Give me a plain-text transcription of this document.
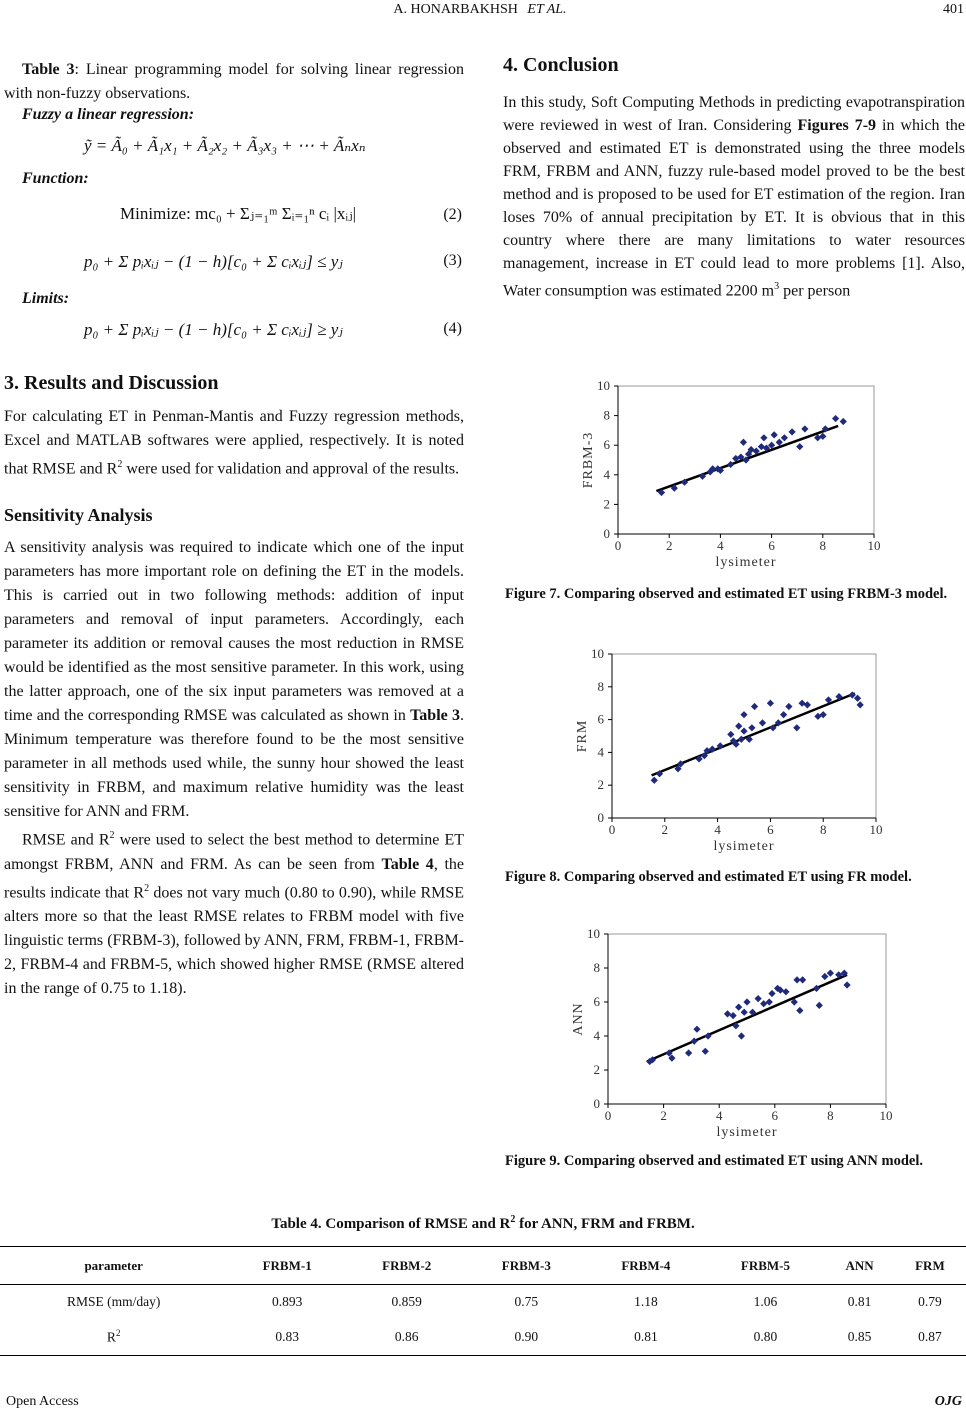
A. HONARBAKHSH ET AL.	401

Table 3: Linear programming model for solving linear regression with non-fuzzy observations.

Fuzzy a linear regression:
ỹ = Ã₀ + Ã₁x₁ + Ã₂x₂ + Ã₃x₃ + ⋯ + Ãₙxₙ
Function:
Minimize: mc₀ + Σⱼ₌₁ᵐ Σᵢ₌₁ⁿ cᵢ |xᵢⱼ|	(2)
p₀ + Σ pᵢxᵢⱼ − (1 − h)[c₀ + Σ cᵢxᵢⱼ] ≤ yⱼ	(3)
Limits:
p₀ + Σ pᵢxᵢⱼ − (1 − h)[c₀ + Σ cᵢxᵢⱼ] ≥ yⱼ	(4)
3. Results and Discussion

For calculating ET in Penman-Mantis and Fuzzy regression methods, Excel and MATLAB softwares were applied, respectively. It is noted that RMSE and $R^2$ were used for validation and approval of the results.

Sensitivity Analysis

A sensitivity analysis was required to indicate which one of the input parameters has more important role on defining the ET in the models. This is carried out in two following methods: addition of input parameters and removal of input parameters. Accordingly, each parameter its addition or removal causes the most reduction in RMSE would be identified as the most sensitive parameter. In this work, using the latter approach, one of the six input parameters was removed at a time and the corresponding RMSE was calculated as shown in Table 3. Minimum temperature was therefore found to be the most sensitive parameter in all methods used while, the sunny hour showed the least sensitivity in FRBM, and maximum relative humidity was the least sensitive for ANN and FRM.

RMSE and $R^2$ were used to select the best method to determine ET amongst FRBM, ANN and FRM. As can be seen from Table 4, the results indicate that $R^2$ does not vary much (0.80 to 0.90), while RMSE alters more so that the least RMSE relates to FRBM model with five linguistic terms (FRBM-3), followed by ANN, FRM, FRBM-1, FRBM-2, FRBM-4 and FRBM-5, which showed higher RMSE (RMSE altered in the range of 0.75 to 1.18).

4. Conclusion

In this study, Soft Computing Methods in predicting evapotranspiration were reviewed in west of Iran. Considering Figures 7-9 in which the observed and estimated ET is demonstrated using the three models FRM, FRBM and ANN, fuzzy rule-based model proved to be the best method and is proposed to be used for ET estimation of the region. Iran loses 70% of annual precipitation by ET. It is obvious that in this country where there are many limitations to water resources management, increase in ET could lead to more problems [1]. Also, Water consumption was estimated 2200 $m^3$ per person

0	2	4	6	8	10
0
2
4
6
8
10
lysimeter
FRBM-3
Figure 7. Comparing observed and estimated ET using FRBM-3 model.
0	2	4	6	8	10
0
2
4
6
8
10
lysimeter
FRM
Figure 8. Comparing observed and estimated ET using FR model.
0	2	4	6	8	10
0
2
4
6
8
10
lysimeter
ANN
Figure 9. Comparing observed and estimated ET using ANN model.
Table 4. Comparison of RMSE and $R^2$ for ANN, FRM and FRBM.
parameter	FRBM-1	FRBM-2	FRBM-3	FRBM-4	FRBM-5	ANN	FRM
RMSE (mm/day)	0.893	0.859	0.75	1.18	1.06	0.81	0.79
$R^2$	0.83	0.86	0.90	0.81	0.80	0.85	0.87
Open Access	OJG
